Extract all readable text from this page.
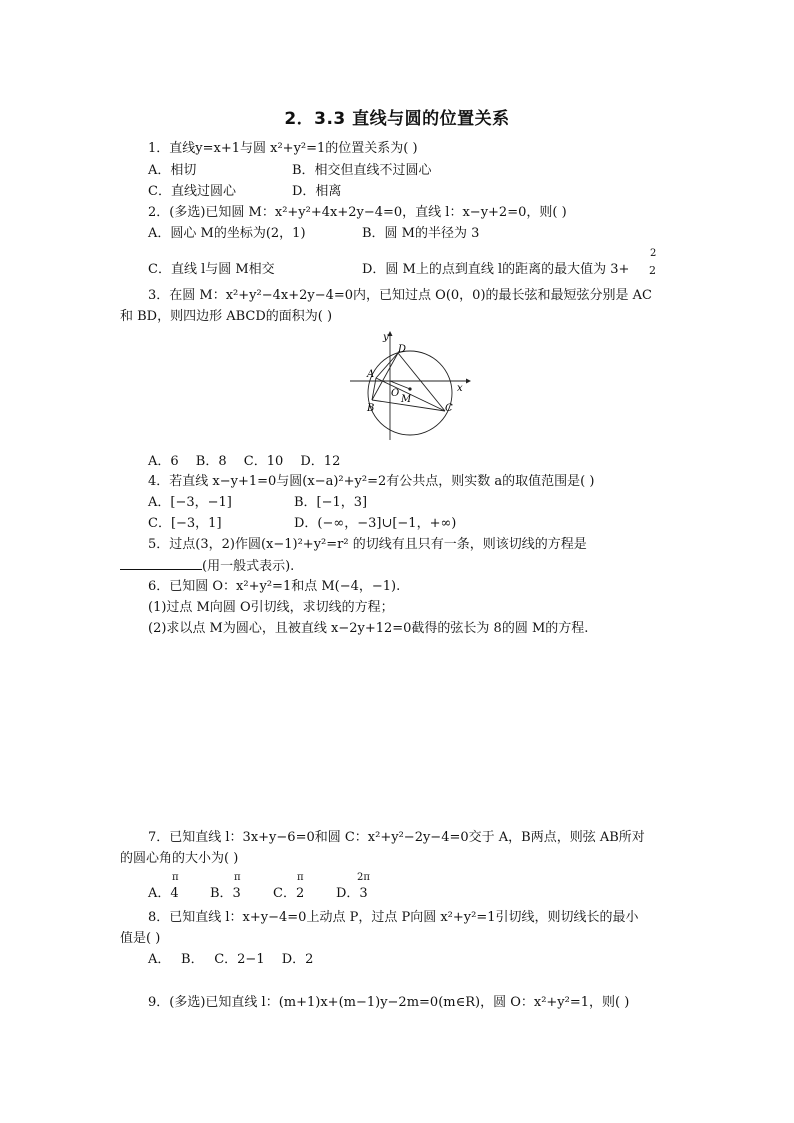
2．3.3 直线与圆的位置关系
1．直线y=x+1与圆 x²+y²=1的位置关系为( )
A．相切	B．相交但直线不过圆心
C．直线过圆心	D．相离
2．(多选)已知圆 M：x²+y²+4x+2y−4=0，直线 l：x−y+2=0，则( )
A．圆心 M的坐标为(2，1)	B．圆 M的半径为 3
C．直线 l与圆 M相交	D．圆 M上的点到直线 l的距离的最大值为 3+
2
2
3．在圆 M：x²+y²−4x+2y−4=0内，已知过点 O(0，0)的最长弦和最短弦分别是 AC
和 BD，则四边形 ABCD的面积为( )
y
x
A
B	C
D
O
M
A．6　 B．8　 C．10　 D．12
4．若直线 x−y+1=0与圆(x−a)²+y²=2有公共点，则实数 a的取值范围是( )
A．[−3，−1]	B．[−1，3]
C．[−3，1]	D．(−∞，−3]∪[−1，+∞)
5．过点(3，2)作圆(x−1)²+y²=r² 的切线有且只有一条，则该切线的方程是
(用一般式表示).
6．已知圆 O：x²+y²=1和点 M(−4，−1).
(1)过点 M向圆 O引切线，求切线的方程；
(2)求以点 M为圆心，且被直线 x−2y+12=0截得的弦长为 8的圆 M的方程.
7．已知直线 l：3x+y−6=0和圆 C：x²+y²−2y−4=0交于 A，B两点，则弦 AB所对
的圆心角的大小为( )
π
A．4
π
B．3
π
C．2
2π
D．3
8．已知直线 l：x+y−4=0上动点 P，过点 P向圆 x²+y²=1引切线，则切线长的最小
值是( )
A．　 B．　 C．2−1　 D．2
9．(多选)已知直线 l：(m+1)x+(m−1)y−2m=0(m∈R)，圆 O：x²+y²=1，则( )
